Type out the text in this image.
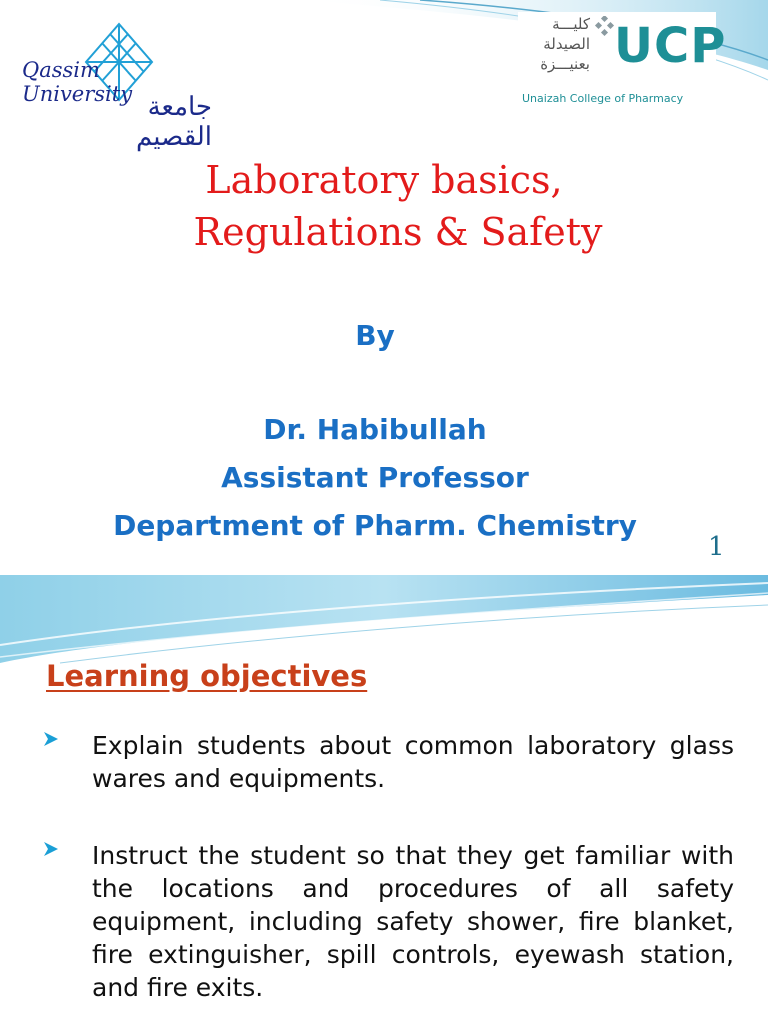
Qassim
University جامعة القصيم
كليـــة
الصيدلة
بعنيـــزة UCP
Unaizah College of Pharmacy
Laboratory basics,
Regulations & Safety
By
Dr. Habibullah
Assistant Professor
Department of Pharm. Chemistry
1
Learning objectives
Explain students about common laboratory glass wares and equipments.
Instruct the student so that they get familiar with the locations and procedures of all safety equipment, including safety shower, fire blanket, fire extinguisher, spill controls, eyewash station, and fire exits.
